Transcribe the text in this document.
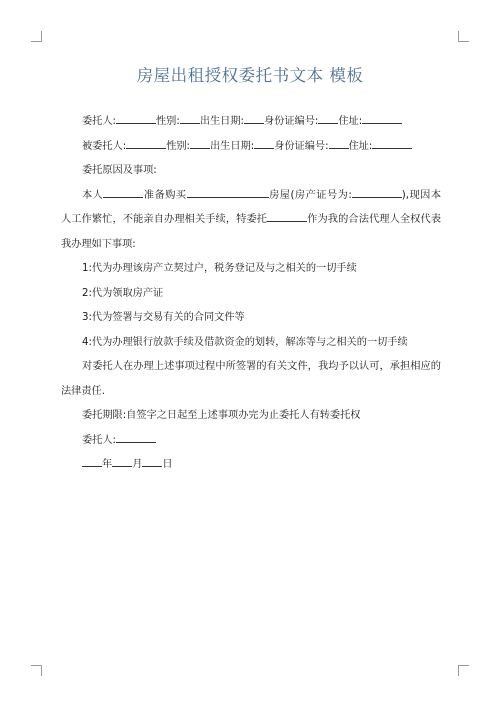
房屋出租授权委托书文本 模板
委托人:	性别: 出生日期: 身份证编号: 住址:
被委托人:	性别: 出生日期: 身份证编号: 住址:
委托原因及事项:
本人	准备购买	房屋(房产证号为:	),现因本人工作繁忙，不能亲自办理相关手续，特委托	作为我的合法代理人全权代表我办理如下事项:
1:代为办理该房产立契过户，税务登记及与之相关的一切手续
2:代为领取房产证
3:代为签署与交易有关的合同文件等
4:代为办理银行放款手续及借款资金的划转，解冻等与之相关的一切手续
对委托人在办理上述事项过程中所签署的有关文件，我均予以认可，承担相应的法律责任.
委托期限:自签字之日起至上述事项办完为止委托人有转委托权
委托人:
年 月 日
